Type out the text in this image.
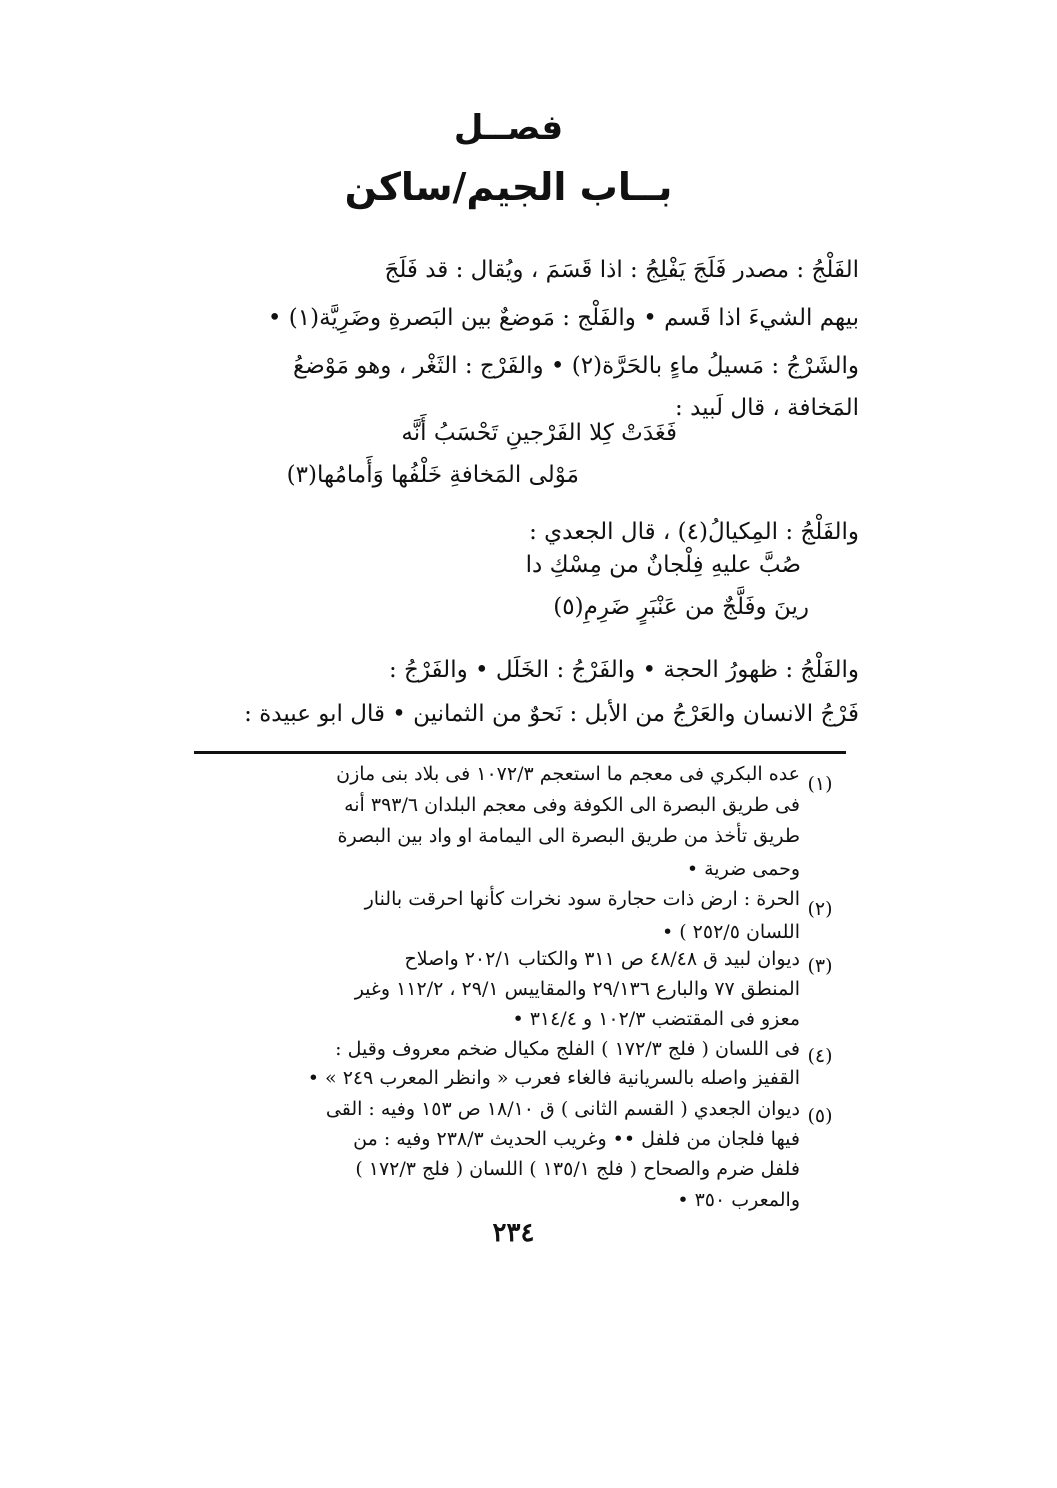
فصــل
بــاب الجيم/ساكن
الفَلْجُ : مصدر فَلَجَ يَفْلِجُ : اذا قَسَمَ ، ويُقال : قد فَلَجَ
بيهم الشيءَ اذا قَسم • والفَلْج : مَوضعٌ بين البَصرةِ وضَرِيَّة(١) •
والشَرْجُ : مَسيلُ ماءٍ بالحَرَّة(٢) • والفَرْج : الثَغْر ، وهو مَوْضعُ
المَخافة ، قال لَبيد :
فَغَدَتْ كِلا الفَرْجينِ تَحْسَبُ أَنَّه
مَوْلى المَخافةِ خَلْفُها وَأَمامُها(٣)
والفَلْجُ : المِكيالُ(٤) ، قال الجعدي :
صُبَّ عليهِ فِلْجانٌ من مِسْكِ دا
رينَ وفَلَّجٌ من عَنْبَرٍ ضَرِمِ(٥)
والفَلْجُ : ظهورُ الحجة • والفَرْجُ : الخَلَل • والفَرْجُ :
فَرْجُ الانسان والعَرْجُ من الأبل : نَحوٌ من الثمانين • قال ابو عبيدة :
(١)
عده البكري فى معجم ما استعجم ١٠٧٢/٣ فى بلاد بنى مازن
فى طريق البصرة الى الكوفة وفى معجم البلدان ٣٩٣/٦ أنه
طريق تأخذ من طريق البصرة الى اليمامة او واد بين البصرة
وحمى ضرية •
(٢)
الحرة : ارض ذات حجارة سود نخرات كأنها احرقت بالنار
اللسان ٢٥٢/٥ ) •
(٣)
ديوان لبيد ق ٤٨/٤٨ ص ٣١١ والكتاب ٢٠٢/١ واصلاح
المنطق ٧٧ والبارع ٢٩/١٣٦ والمقاييس ٢٩/١ ، ١١٢/٢ وغير
معزو فى المقتضب ١٠٢/٣ و ٣١٤/٤ •
(٤)
فى اللسان ( فلج ١٧٢/٣ ) الفلج مكيال ضخم معروف وقيل :
القفيز واصله بالسريانية فالغاء فعرب « وانظر المعرب ٢٤٩ » •
(٥)
ديوان الجعدي ( القسم الثانى ) ق ١٨/١٠ ص ١٥٣ وفيه : القى
فيها فلجان من فلفل •• وغريب الحديث ٢٣٨/٣ وفيه : من
فلفل ضرم والصحاح ( فلج ١٣٥/١ ) اللسان ( فلج ١٧٢/٣ )
والمعرب ٣٥٠ •
٢٣٤
